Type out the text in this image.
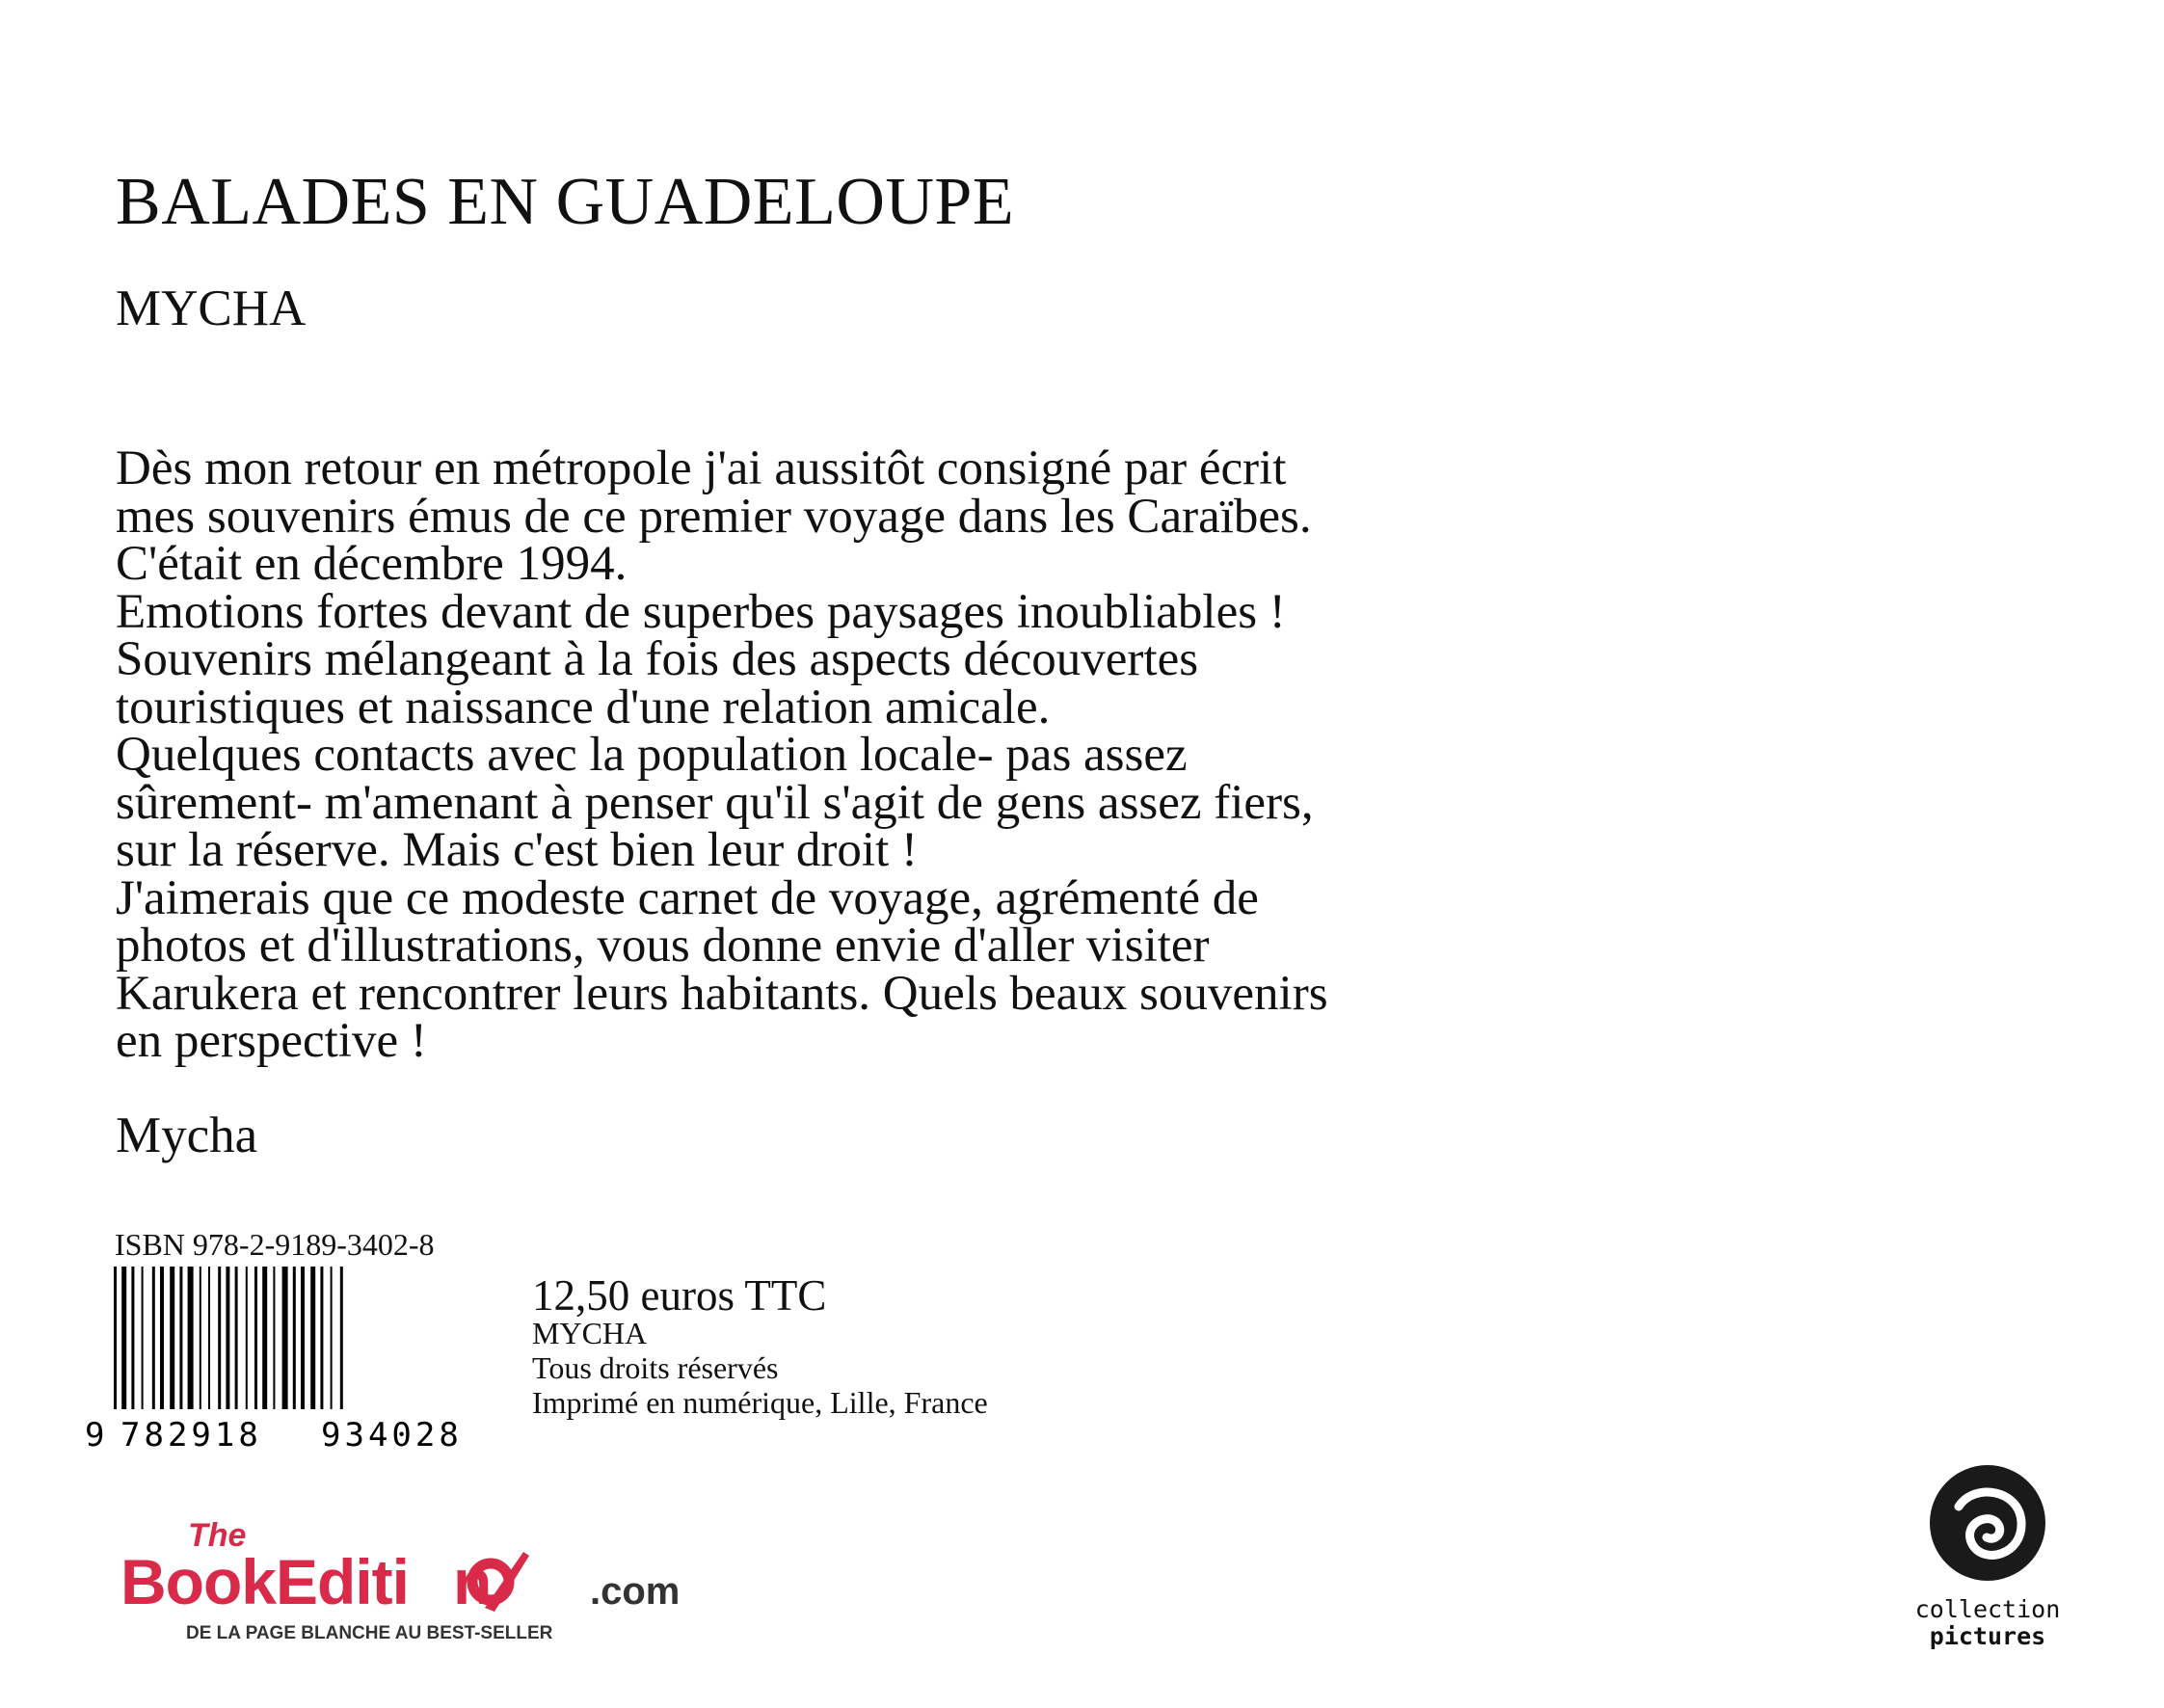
BALADES EN GUADELOUPE
MYCHA
Dès mon retour en métropole j'ai aussitôt consigné par écrit
mes souvenirs émus de ce premier voyage dans les Caraïbes.
C'était en décembre 1994.
Emotions fortes devant de superbes paysages inoubliables !
Souvenirs mélangeant à la fois des aspects découvertes
touristiques et naissance d'une relation amicale.
Quelques contacts avec la population locale- pas assez
sûrement- m'amenant à penser qu'il s'agit de gens assez fiers,
sur la réserve. Mais c'est bien leur droit !
J'aimerais que ce modeste carnet de voyage, agrémenté de
photos et d'illustrations, vous donne envie d'aller visiter
Karukera et rencontrer leurs habitants. Quels beaux souvenirs
en perspective !
Mycha
ISBN 978-2-9189-3402-8
9 782918 934028
12,50 euros TTC
MYCHA
Tous droits réservés
Imprimé en numérique, Lille, France
The
BookEditi n	.com
DE LA PAGE BLANCHE AU BEST-SELLER
collection
pictures
